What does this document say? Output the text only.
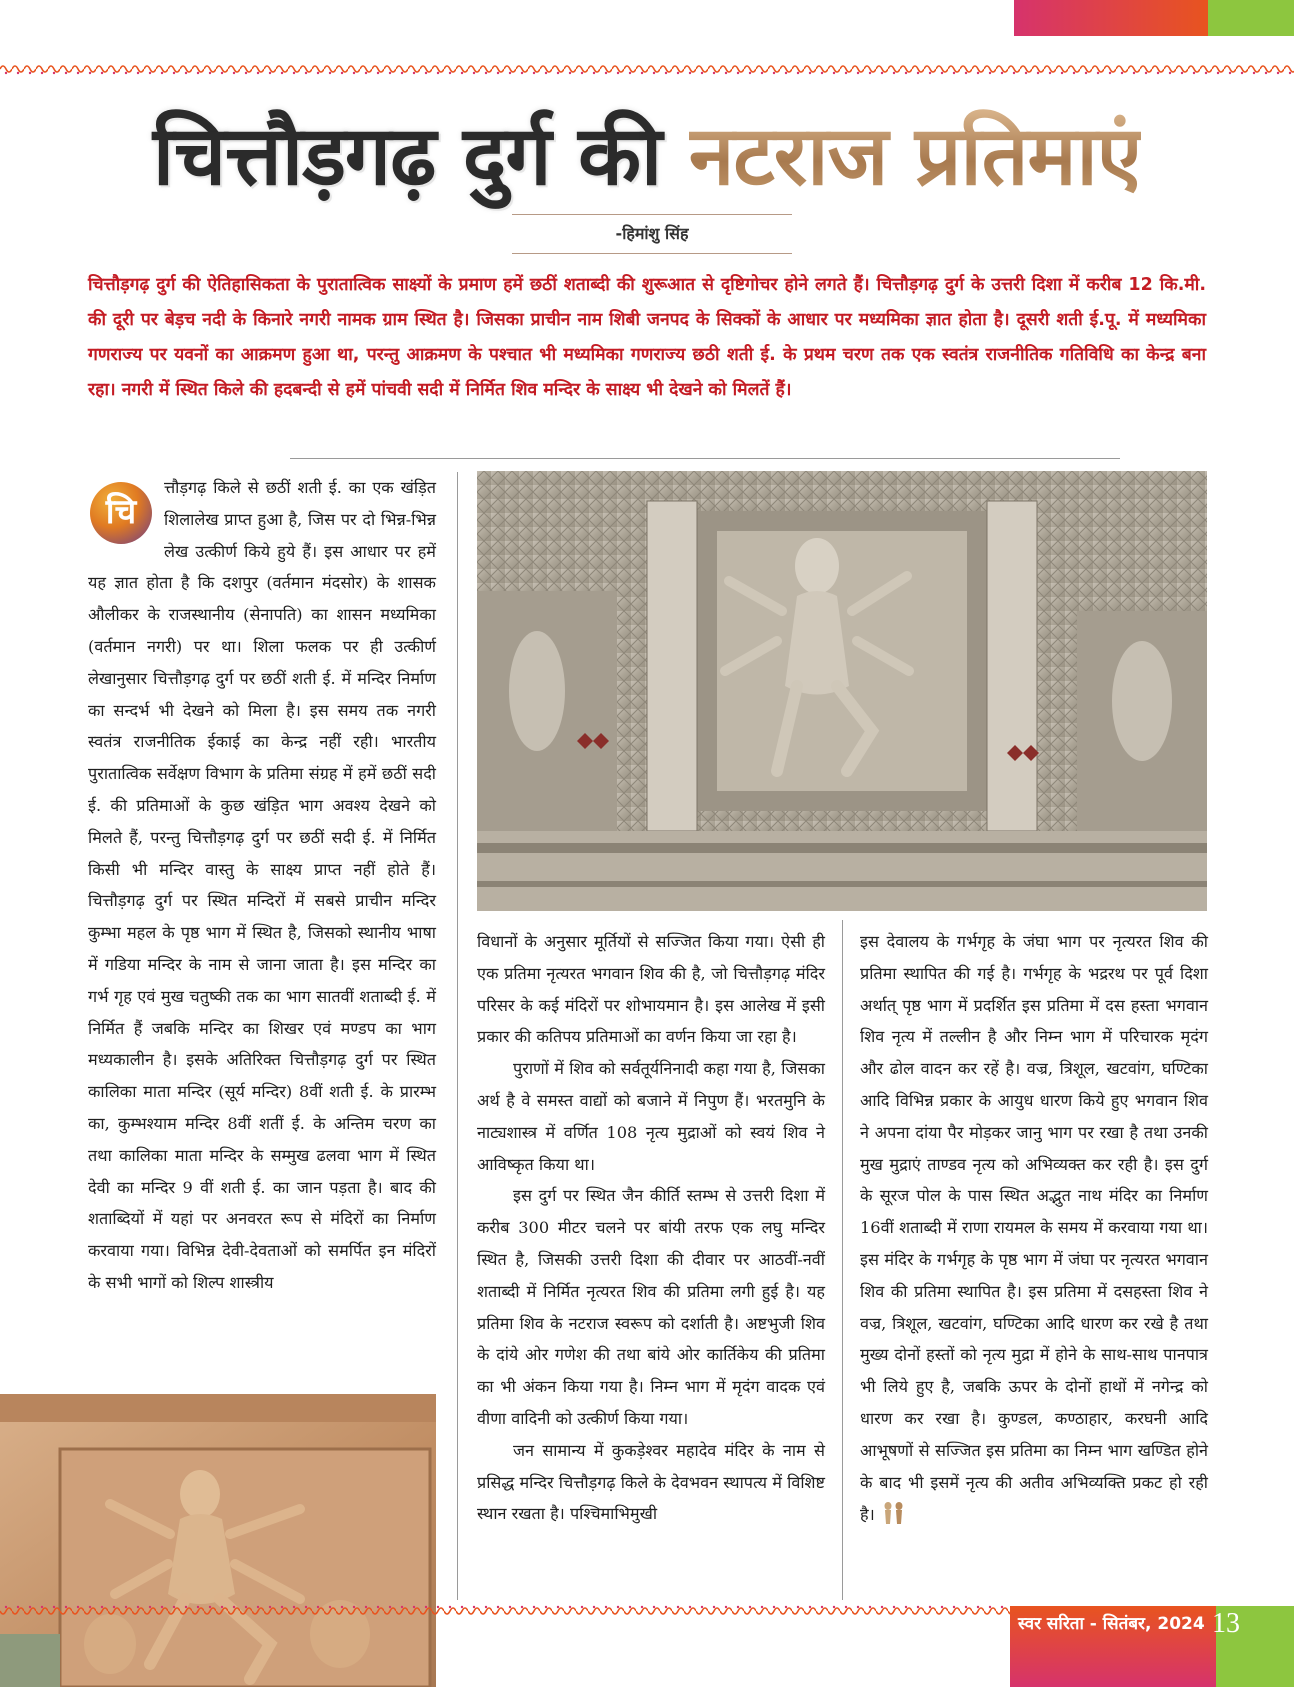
चित्तौड़गढ़ दुर्ग की नटराज प्रतिमाएं
-हिमांशु सिंह

चित्तौड़गढ़ दुर्ग की ऐतिहासिकता के पुरातात्विक साक्ष्यों के प्रमाण हमें छठीं शताब्दी की शुरूआत से दृष्टिगोचर होने लगते हैं। चित्तौड़गढ़ दुर्ग के उत्तरी दिशा में करीब 12 कि.मी. की दूरी पर बेड़च नदी के किनारे नगरी नामक ग्राम स्थित है। जिसका प्राचीन नाम शिबी जनपद के सिक्कों के आधार पर मध्यमिका ज्ञात होता है। दूसरी शती ई.पू. में मध्यमिका गणराज्य पर यवनों का आक्रमण हुआ था, परन्तु आक्रमण के पश्चात भी मध्यमिका गणराज्य छठी शती ई. के प्रथम चरण तक एक स्वतंत्र राजनीतिक गतिविधि का केन्द्र बना रहा। नगरी में स्थित किले की हदबन्दी से हमें पांचवी सदी में निर्मित शिव मन्दिर के साक्ष्य भी देखने को मिलतें हैं।

चि
त्तौड़गढ़ किले से छठीं शती ई. का एक खंड़ित शिलालेख प्राप्त हुआ है, जिस पर दो भिन्न-भिन्न लेख उत्कीर्ण किये हुये हैं। इस आधार पर हमें यह ज्ञात होता है कि दशपुर (वर्तमान मंदसोर) के शासक औलीकर के राजस्थानीय (सेनापति) का शासन मध्यमिका (वर्तमान नगरी) पर था। शिला फलक पर ही उत्कीर्ण लेखानुसार चित्तौड़गढ़ दुर्ग पर छठीं शती ई. में मन्दिर निर्माण का सन्दर्भ भी देखने को मिला है। इस समय तक नगरी स्वतंत्र राजनीतिक ईकाई का केन्द्र नहीं रही। भारतीय पुरातात्विक सर्वेक्षण विभाग के प्रतिमा संग्रह में हमें छठीं सदी ई. की प्रतिमाओं के कुछ खंड़ित भाग अवश्य देखने को मिलते हैं, परन्तु चित्तौड़गढ़ दुर्ग पर छठीं सदी ई. में निर्मित किसी भी मन्दिर वास्तु के साक्ष्य प्राप्त नहीं होते हैं। चित्तौड़गढ़ दुर्ग पर स्थित मन्दिरों में सबसे प्राचीन मन्दिर कुम्भा महल के पृष्ठ भाग में स्थित है, जिसको स्थानीय भाषा में गडिया मन्दिर के नाम से जाना जाता है। इस मन्दिर का गर्भ गृह एवं मुख चतुष्की तक का भाग सातवीं शताब्दी ई. में निर्मित हैं जबकि मन्दिर का शिखर एवं मण्डप का भाग मध्यकालीन है। इसके अतिरिक्त चित्तौड़गढ़ दुर्ग पर स्थित कालिका माता मन्दिर (सूर्य मन्दिर) 8वीं शती ई. के प्रारम्भ का, कुम्भश्याम मन्दिर 8वीं शतीं ई. के अन्तिम चरण का तथा कालिका माता मन्दिर के सम्मुख ढलवा भाग में स्थित देवी का मन्दिर 9 वीं शती ई. का जान पड़ता है। बाद की शताब्दियों में यहां पर अनवरत रूप से मंदिरों का निर्माण करवाया गया। विभिन्न देवी-देवताओं को समर्पित इन मंदिरों के सभी भागों को शिल्प शास्त्रीय

विधानों के अनुसार मूर्तियों से सज्जित किया गया। ऐसी ही एक प्रतिमा नृत्यरत भगवान शिव की है, जो चित्तौड़गढ़ मंदिर परिसर के कई मंदिरों पर शोभायमान है। इस आलेख में इसी प्रकार की कतिपय प्रतिमाओं का वर्णन किया जा रहा है।

पुराणों में शिव को सर्वतूर्यनिनादी कहा गया है, जिसका अर्थ है वे समस्त वाद्यों को बजाने में निपुण हैं। भरतमुनि के नाट्यशास्त्र में वर्णित 108 नृत्य मुद्राओं को स्वयं शिव ने आविष्कृत किया था।

इस दुर्ग पर स्थित जैन कीर्ति स्तम्भ से उत्तरी दिशा में करीब 300 मीटर चलने पर बांयी तरफ एक लघु मन्दिर स्थित है, जिसकी उत्तरी दिशा की दीवार पर आठवीं-नवीं शताब्दी में निर्मित नृत्यरत शिव की प्रतिमा लगी हुई है। यह प्रतिमा शिव के नटराज स्वरूप को दर्शाती है। अष्टभुजी शिव के दांये ओर गणेश की तथा बांये ओर कार्तिकेय की प्रतिमा का भी अंकन किया गया है। निम्न भाग में मृदंग वादक एवं वीणा वादिनी को उत्कीर्ण किया गया।

जन सामान्य में कुकड़ेश्वर महादेव मंदिर के नाम से प्रसिद्ध मन्दिर चित्तौड़गढ़ किले के देवभवन स्थापत्य में विशिष्ट स्थान रखता है। पश्चिमाभिमुखी

इस देवालय के गर्भगृह के जंघा भाग पर नृत्यरत शिव की प्रतिमा स्थापित की गई है। गर्भगृह के भद्ररथ पर पूर्व दिशा अर्थात् पृष्ठ भाग में प्रदर्शित इस प्रतिमा में दस हस्ता भगवान शिव नृत्य में तल्लीन है और निम्न भाग में परिचारक मृदंग और ढोल वादन कर रहें है। वज्र, त्रिशूल, खटवांग, घण्टिका आदि विभिन्न प्रकार के आयुध धारण किये हुए भगवान शिव ने अपना दांया पैर मोड़कर जानु भाग पर रखा है तथा उनकी मुख मुद्राएं ताण्डव नृत्य को अभिव्यक्त कर रही है। इस दुर्ग के सूरज पोल के पास स्थित अद्भुत नाथ मंदिर का निर्माण 16वीं शताब्दी में राणा रायमल के समय में करवाया गया था। इस मंदिर के गर्भगृह के पृष्ठ भाग में जंघा पर नृत्यरत भगवान शिव की प्रतिमा स्थापित है। इस प्रतिमा में दसहस्ता शिव ने वज्र, त्रिशूल, खटवांग, घण्टिका आदि धारण कर रखे है तथा मुख्य दोनों हस्तों को नृत्य मुद्रा में होने के साथ-साथ पानपात्र भी लिये हुए है, जबकि ऊपर के दोनों हाथों में नगेन्द्र को धारण कर रखा है। कुण्डल, कण्ठाहार, करघनी आदि आभूषणों से सज्जित इस प्रतिमा का निम्न भाग खण्डित होने के बाद भी इसमें नृत्य की अतीव अभिव्यक्ति प्रकट हो रही है।

स्वर सरिता - सितंबर, 2024 13
